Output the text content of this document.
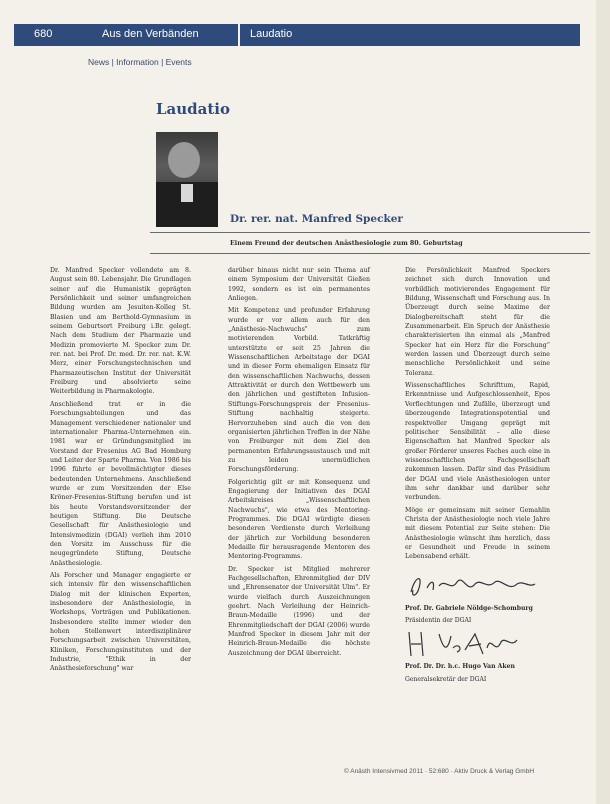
680	Aus den Verbänden	Laudatio
News | Information | Events
Laudatio
Dr. rer. nat. Manfred Specker
Einem Freund der deutschen Anästhesiologie zum 80. Geburtstag

Dr. Manfred Specker vollendete am 8. August sein 80. Lebensjahr. Die Grundlagen seiner auf die Humanistik geprägten Persönlichkeit und seiner umfangreichen Bildung wurden am Jesuiten-Kolleg St. Blasien und am Berthold-Gymnasium in seinem Geburtsort Freiburg i.Br. gelegt. Nach dem Studium der Pharmazie und Medizin promovierte M. Specker zum Dr. rer. nat. bei Prof. Dr. med. Dr. rer. nat. K.W. Merz, einer Forschungstechnischen und Pharmazeutischen Institut der Universität Freiburg und absolvierte seine Weiterbildung in Pharmakologie.

Anschließend trat er in die Forschungsabteilungen und das Management verschiedener nationaler und internationaler Pharma-Unternehmen ein. 1981 war er Gründungsmitglied im Vorstand der Fresenius AG Bad Homburg und Leiter der Sparte Pharma. Von 1986 bis 1996 führte er bevollmächtigter dieses bedeutenden Unternehmens. Anschließend wurde er zum Vorsitzenden der Else Kröner-Fresenius-Stiftung berufen und ist bis heute Vorstandsvorsitzender der heutigen Stiftung. Die Deutsche Gesellschaft für Anästhesiologie und Intensivmedizin (DGAI) verlieh ihm 2010 den Vorsitz im Ausschuss für die neugegründete Stiftung, Deutsche Anästhesiologie.

Als Forscher und Manager engagierte er sich intensiv für den wissenschaftlichen Dialog mit der klinischen Experten, insbesondere der Anästhesiologie, in Workshops, Vorträgen und Publikationen. Insbesondere stellte immer wieder den hohen Stellenwert interdisziplinärer Forschungsarbeit zwischen Universitäten, Kliniken, Forschungsinstituten und der Industrie, "Ethik in der Anästhesieforschung" war

darüber hinaus nicht nur sein Thema auf einem Symposium der Universität Gießen 1992, sondern es ist ein permanentes Anliegen.

Mit Kompetenz und profunder Erfahrung wurde er vor allem auch für den „Anästhesie-Nachwuchs" zum motivierenden Vorbild. Tatkräftig unterstützte er seit 25 Jahren die Wissenschaftlichen Arbeitstage der DGAI und in dieser Form ehemaligen Einsatz für den wissenschaftlichen Nachwuchs, dessen Attraktivität er durch den Wettbewerb um den jährlichen und gestifteten Infusion-Stiftungs-Forschungspreis der Fresenius-Stiftung nachhaltig steigerte. Hervorzuheben sind auch die von den organisierten jährlichen Treffen in der Nähe von Freiburger mit dem Ziel den permanenten Erfahrungsaustausch und mit zu leiden unermüdlichen Forschungsförderung.

Folgerichtig gilt er mit Konsequenz und Engagierung der Initiativen des DGAI Arbeitskreises „Wissenschaftlichen Nachwuchs", wie etwa des Mentoring-Programmes. Die DGAI würdigte diesen besonderen Verdienste durch Verleihung der jährlich zur Vorbildung besonderen Medaille für herausragende Mentoren des Mentoring-Programms.

Dr. Specker ist Mitglied mehrerer Fachgesellschaften, Ehrenmitglied der DIV und „Ehrensenator der Universität Ulm". Er wurde vielfach durch Auszeichnungen geehrt. Nach Verleihung der Heinrich-Braun-Medaille (1996) und der Ehrenmitgliedschaft der DGAI (2006) wurde Manfred Specker in diesem Jahr mit der Heinrich-Braun-Medaille die höchste Auszeichnung der DGAI überreicht.

Die Persönlichkeit Manfred Speckers zeichnet sich durch Innovation und vorbildlich motivierendes Engagement für Bildung, Wissenschaft und Forschung aus. In Überzeugt durch seine Maxime der Dialogbereitschaft steht für die Zusammenarbeit. Ein Spruch der Anästhesie charakterisierten ihn einmal als „Manfred Specker hat ein Herz für die Forschung“ werden lassen und Überzeugt durch seine menschliche Persönlichkeit und seine Toleranz.

Wissenschaftliches Schrifttum, Rapid, Erkenntnisse und Aufgeschlossenheit, Epos Verflechtungen und Zufälle, überzeugt und überzeugende Integrationspotential und respektvoller Umgang geprägt mit politischer Sensibilität – alle diese Eigenschaften hat Manfred Specker als großer Förderer unseres Faches auch eine in wissenschaftlichen Fachgesellschaft zukommen lassen. Dafür sind das Präsidium der DGAI und viele Anästhesiologen unter ihm sehr dankbar und darüber sehr verbunden.

Möge er gemeinsam mit seiner Gemahlin Christa der Anästhesiologie noch viele Jahre mit diesem Potential zur Seite stehen: Die Anästhesiologie wünscht ihm herzlich, dass er Gesundheit und Freude in seinem Lebensabend erhält.

Prof. Dr. Gabriele Nöldge-Schomburg

Präsidentin der DGAI

Prof. Dr. Dr. h.c. Hugo Van Aken

Generalsekretär der DGAI

© Anästh Intensivmed 2011 · 52:680 · Aktiv Druck & Verlag GmbH
